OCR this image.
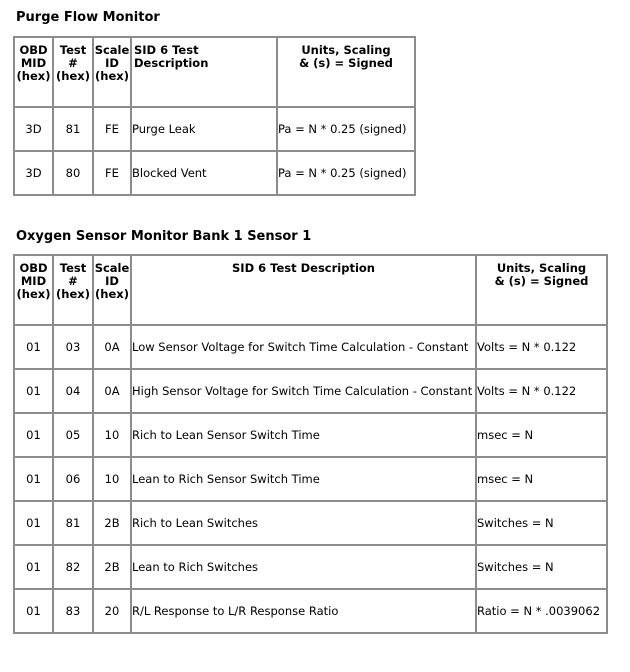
Purge Flow Monitor
OBD
MID
(hex)	Test
#
(hex)	Scale
ID
(hex)	SID 6 Test Description	Units, Scaling
& (s) = Signed
3D	81	FE	Purge Leak	Pa = N * 0.25 (signed)
3D	80	FE	Blocked Vent	Pa = N * 0.25 (signed)
Oxygen Sensor Monitor Bank 1 Sensor 1
OBD
MID
(hex)	Test
#
(hex)	Scale
ID
(hex)	SID 6 Test Description	Units, Scaling
& (s) = Signed
01	03	0A	Low Sensor Voltage for Switch Time Calculation - Constant	Volts = N * 0.122
01	04	0A	High Sensor Voltage for Switch Time Calculation - Constant	Volts = N * 0.122
01	05	10	Rich to Lean Sensor Switch Time	msec = N
01	06	10	Lean to Rich Sensor Switch Time	msec = N
01	81	2B	Rich to Lean Switches	Switches = N
01	82	2B	Lean to Rich Switches	Switches = N
01	83	20	R/L Response to L/R Response Ratio	Ratio = N * .0039062
